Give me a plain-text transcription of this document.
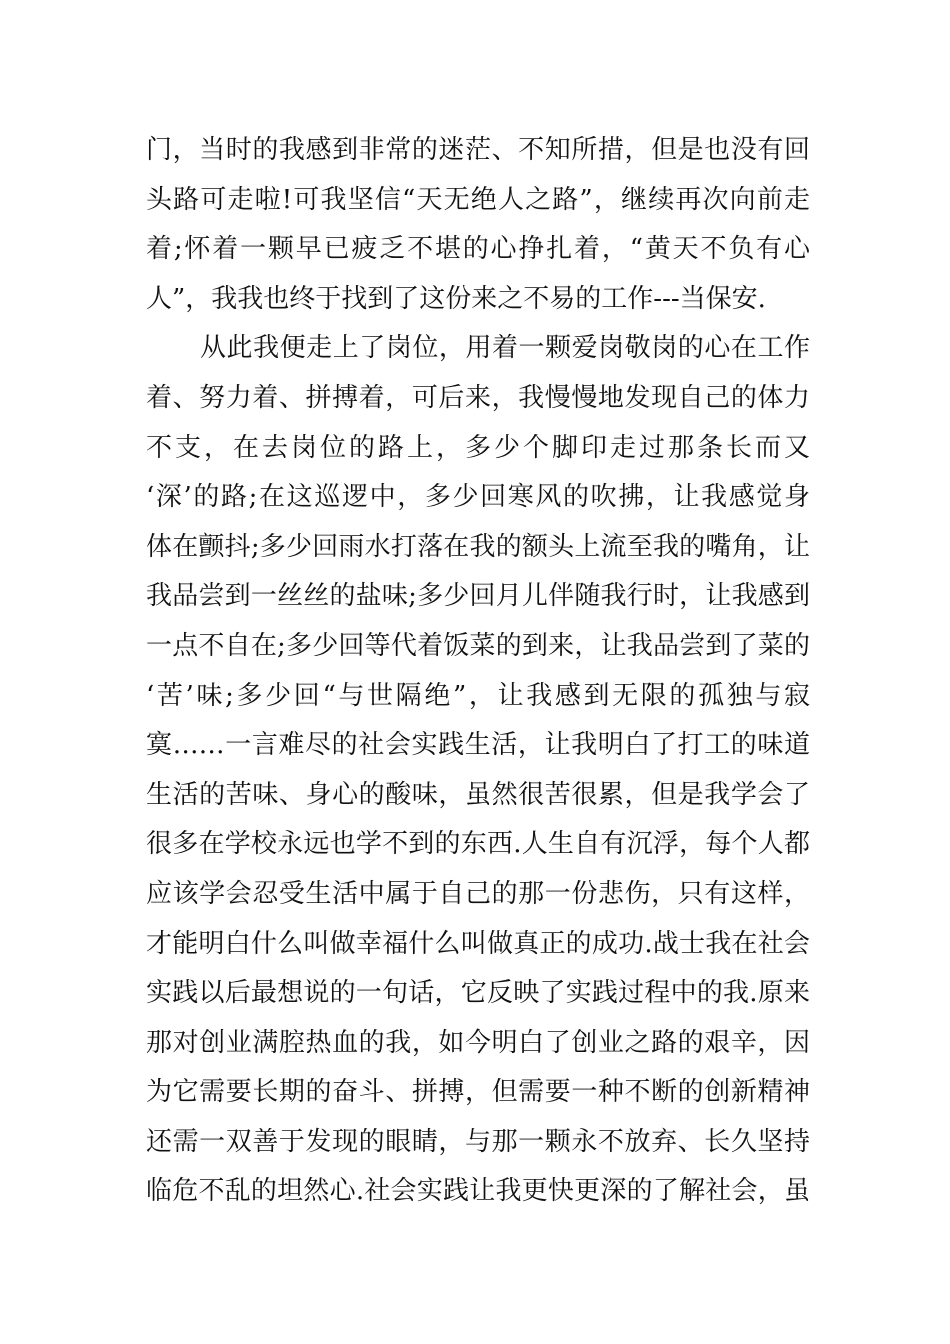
门，当时的我感到非常的迷茫、不知所措，但是也没有回
头路可走啦!可我坚信“天无绝人之路”，继续再次向前走
着;怀着一颗早已疲乏不堪的心挣扎着，“黄天不负有心
人”，我我也终于找到了这份来之不易的工作---当保安.
从此我便走上了岗位，用着一颗爱岗敬岗的心在工作
着、努力着、拼搏着，可后来，我慢慢地发现自己的体力
不支，在去岗位的路上，多少个脚印走过那条长而又
‘深’的路;在这巡逻中，多少回寒风的吹拂，让我感觉身
体在颤抖;多少回雨水打落在我的额头上流至我的嘴角，让
我品尝到一丝丝的盐味;多少回月儿伴随我行时，让我感到
一点不自在;多少回等代着饭菜的到来，让我品尝到了菜的
‘苦’味;多少回“与世隔绝”，让我感到无限的孤独与寂
寞……一言难尽的社会实践生活，让我明白了打工的味道
生活的苦味、身心的酸味，虽然很苦很累，但是我学会了
很多在学校永远也学不到的东西.人生自有沉浮，每个人都
应该学会忍受生活中属于自己的那一份悲伤，只有这样，
才能明白什么叫做幸福什么叫做真正的成功.战士我在社会
实践以后最想说的一句话，它反映了实践过程中的我.原来
那对创业满腔热血的我，如今明白了创业之路的艰辛，因
为它需要长期的奋斗、拼搏，但需要一种不断的创新精神
还需一双善于发现的眼睛，与那一颗永不放弃、长久坚持
临危不乱的坦然心.社会实践让我更快更深的了解社会，虽
